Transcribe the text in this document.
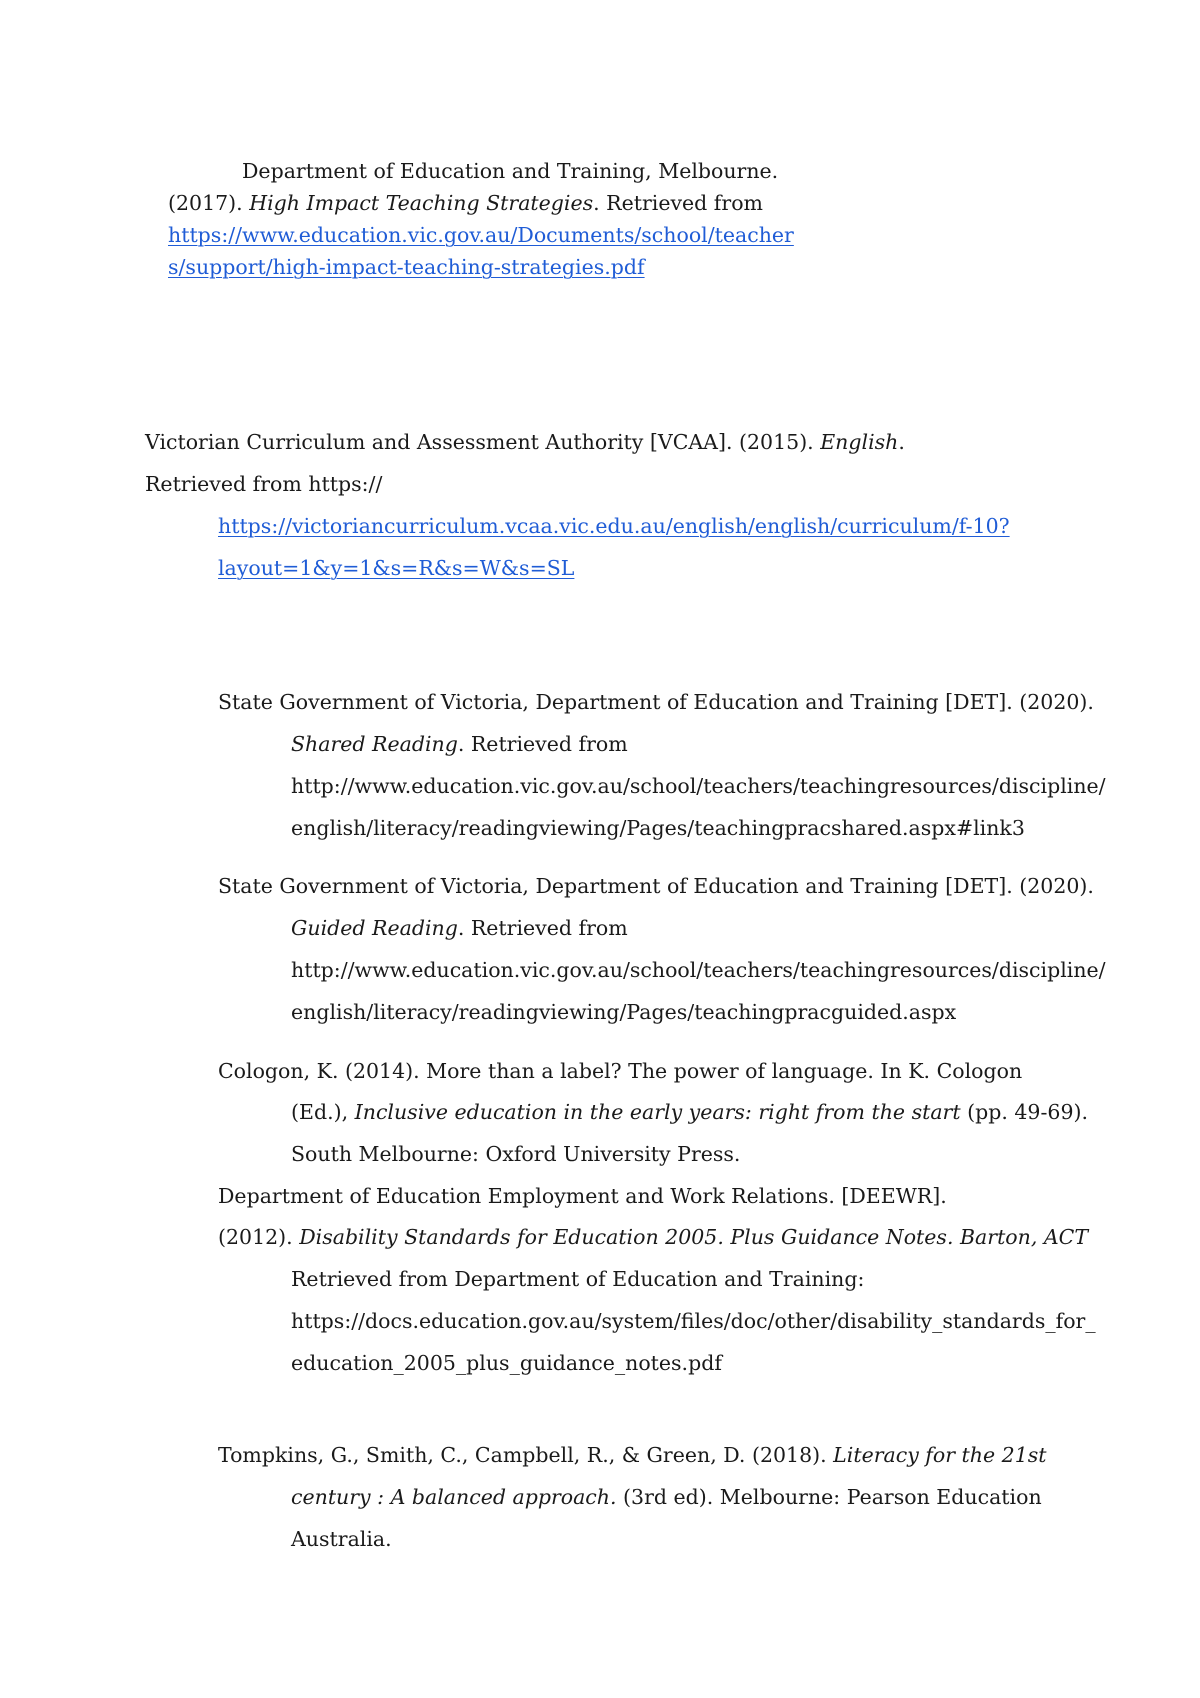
Department of Education and Training, Melbourne.
(2017). High Impact Teaching Strategies. Retrieved from
https://www.education.vic.gov.au/Documents/school/teacher
s/support/high-impact-teaching-strategies.pdf
Victorian Curriculum and Assessment Authority [VCAA]. (2015). English.
Retrieved from https://
https://victoriancurriculum.vcaa.vic.edu.au/english/english/curriculum/f-10?
layout=1&y=1&s=R&s=W&s=SL
State Government of Victoria, Department of Education and Training [DET]. (2020).
Shared Reading. Retrieved from
http://www.education.vic.gov.au/school/teachers/teachingresources/discipline/
english/literacy/readingviewing/Pages/teachingpracshared.aspx#link3
State Government of Victoria, Department of Education and Training [DET]. (2020).
Guided Reading. Retrieved from
http://www.education.vic.gov.au/school/teachers/teachingresources/discipline/
english/literacy/readingviewing/Pages/teachingpracguided.aspx
Cologon, K. (2014). More than a label? The power of language. In K. Cologon
(Ed.), Inclusive education in the early years: right from the start (pp. 49-69).
South Melbourne: Oxford University Press.
Department of Education Employment and Work Relations. [DEEWR].
(2012). Disability Standards for Education 2005. Plus Guidance Notes. Barton, ACT
Retrieved from Department of Education and Training:
https://docs.education.gov.au/system/files/doc/other/disability_standards_for_
education_2005_plus_guidance_notes.pdf
Tompkins, G., Smith, C., Campbell, R., & Green, D. (2018). Literacy for the 21st
century : A balanced approach. (3rd ed). Melbourne: Pearson Education
Australia.
